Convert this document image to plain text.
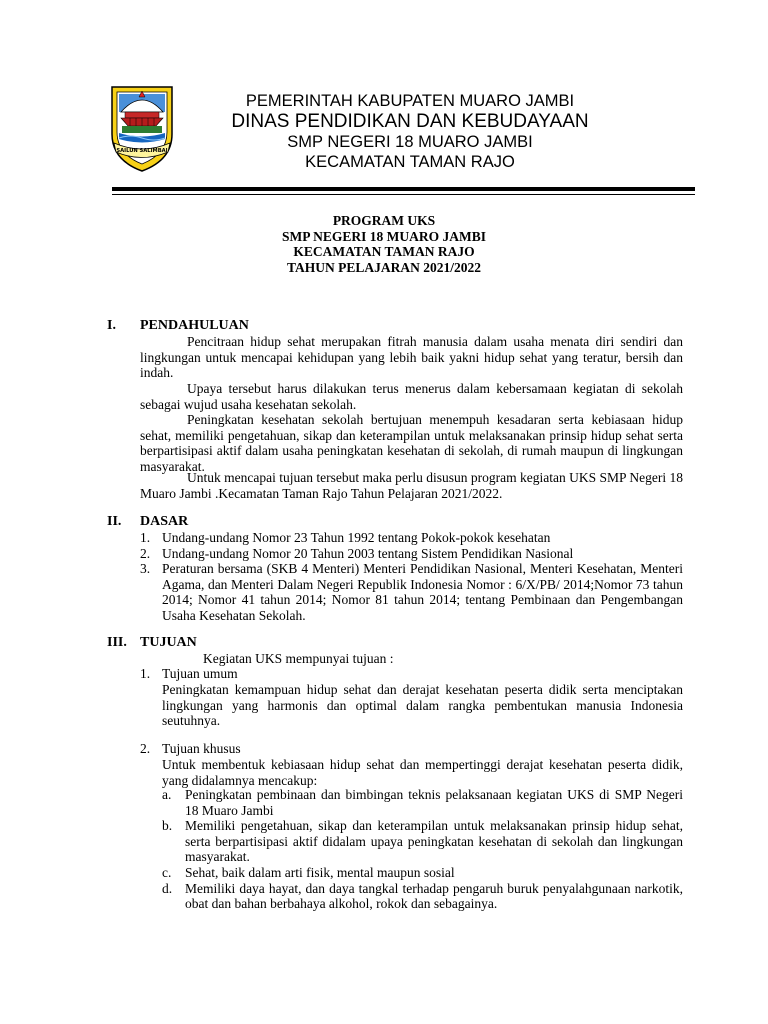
SAILUN SALIMBAI
PEMERINTAH KABUPATEN MUARO JAMBI
DINAS PENDIDIKAN DAN KEBUDAYAAN
SMP NEGERI 18 MUARO JAMBI
KECAMATAN TAMAN RAJO
PROGRAM UKS
SMP NEGERI 18 MUARO JAMBI
KECAMATAN TAMAN RAJO
TAHUN PELAJARAN 2021/2022
I. PENDAHULUAN

Pencitraan hidup sehat merupakan fitrah manusia dalam usaha menata diri sendiri dan lingkungan untuk mencapai kehidupan yang lebih baik yakni hidup sehat yang teratur, bersih dan indah.

Upaya tersebut harus dilakukan terus menerus dalam kebersamaan kegiatan di sekolah sebagai wujud usaha kesehatan sekolah.

Peningkatan kesehatan sekolah bertujuan menempuh kesadaran serta kebiasaan hidup sehat, memiliki pengetahuan, sikap dan keterampilan untuk melaksanakan prinsip hidup sehat serta berpartisipasi aktif dalam usaha peningkatan kesehatan di sekolah, di rumah maupun di lingkungan masyarakat.

Untuk mencapai tujuan tersebut maka perlu disusun program kegiatan UKS SMP Negeri 18 Muaro Jambi .Kecamatan Taman Rajo Tahun Pelajaran 2021/2022.

II. DASAR
1. Undang-undang Nomor 23 Tahun 1992 tentang Pokok-pokok kesehatan
2. Undang-undang Nomor 20 Tahun 2003 tentang Sistem Pendidikan Nasional
3. Peraturan bersama (SKB 4 Menteri) Menteri Pendidikan Nasional, Menteri Kesehatan, Menteri Agama, dan Menteri Dalam Negeri Republik Indonesia Nomor : 6/X/PB/ 2014;Nomor 73 tahun 2014; Nomor 41 tahun 2014; Nomor 81 tahun 2014; tentang Pembinaan dan Pengembangan Usaha Kesehatan Sekolah.
III. TUJUAN

Kegiatan UKS mempunyai tujuan :

1. Tujuan umum

Peningkatan kemampuan hidup sehat dan derajat kesehatan peserta didik serta menciptakan lingkungan yang harmonis dan optimal dalam rangka pembentukan manusia Indonesia seutuhnya.

2. Tujuan khusus

Untuk membentuk kebiasaan hidup sehat dan mempertinggi derajat kesehatan peserta didik, yang didalamnya mencakup:

a. Peningkatan pembinaan dan bimbingan teknis pelaksanaan kegiatan UKS di SMP Negeri 18 Muaro Jambi
b. Memiliki pengetahuan, sikap dan keterampilan untuk melaksanakan prinsip hidup sehat, serta berpartisipasi aktif didalam upaya peningkatan kesehatan di sekolah dan lingkungan masyarakat.
c. Sehat, baik dalam arti fisik, mental maupun sosial
d. Memiliki daya hayat, dan daya tangkal terhadap pengaruh buruk penyalahgunaan narkotik, obat dan bahan berbahaya alkohol, rokok dan sebagainya.
